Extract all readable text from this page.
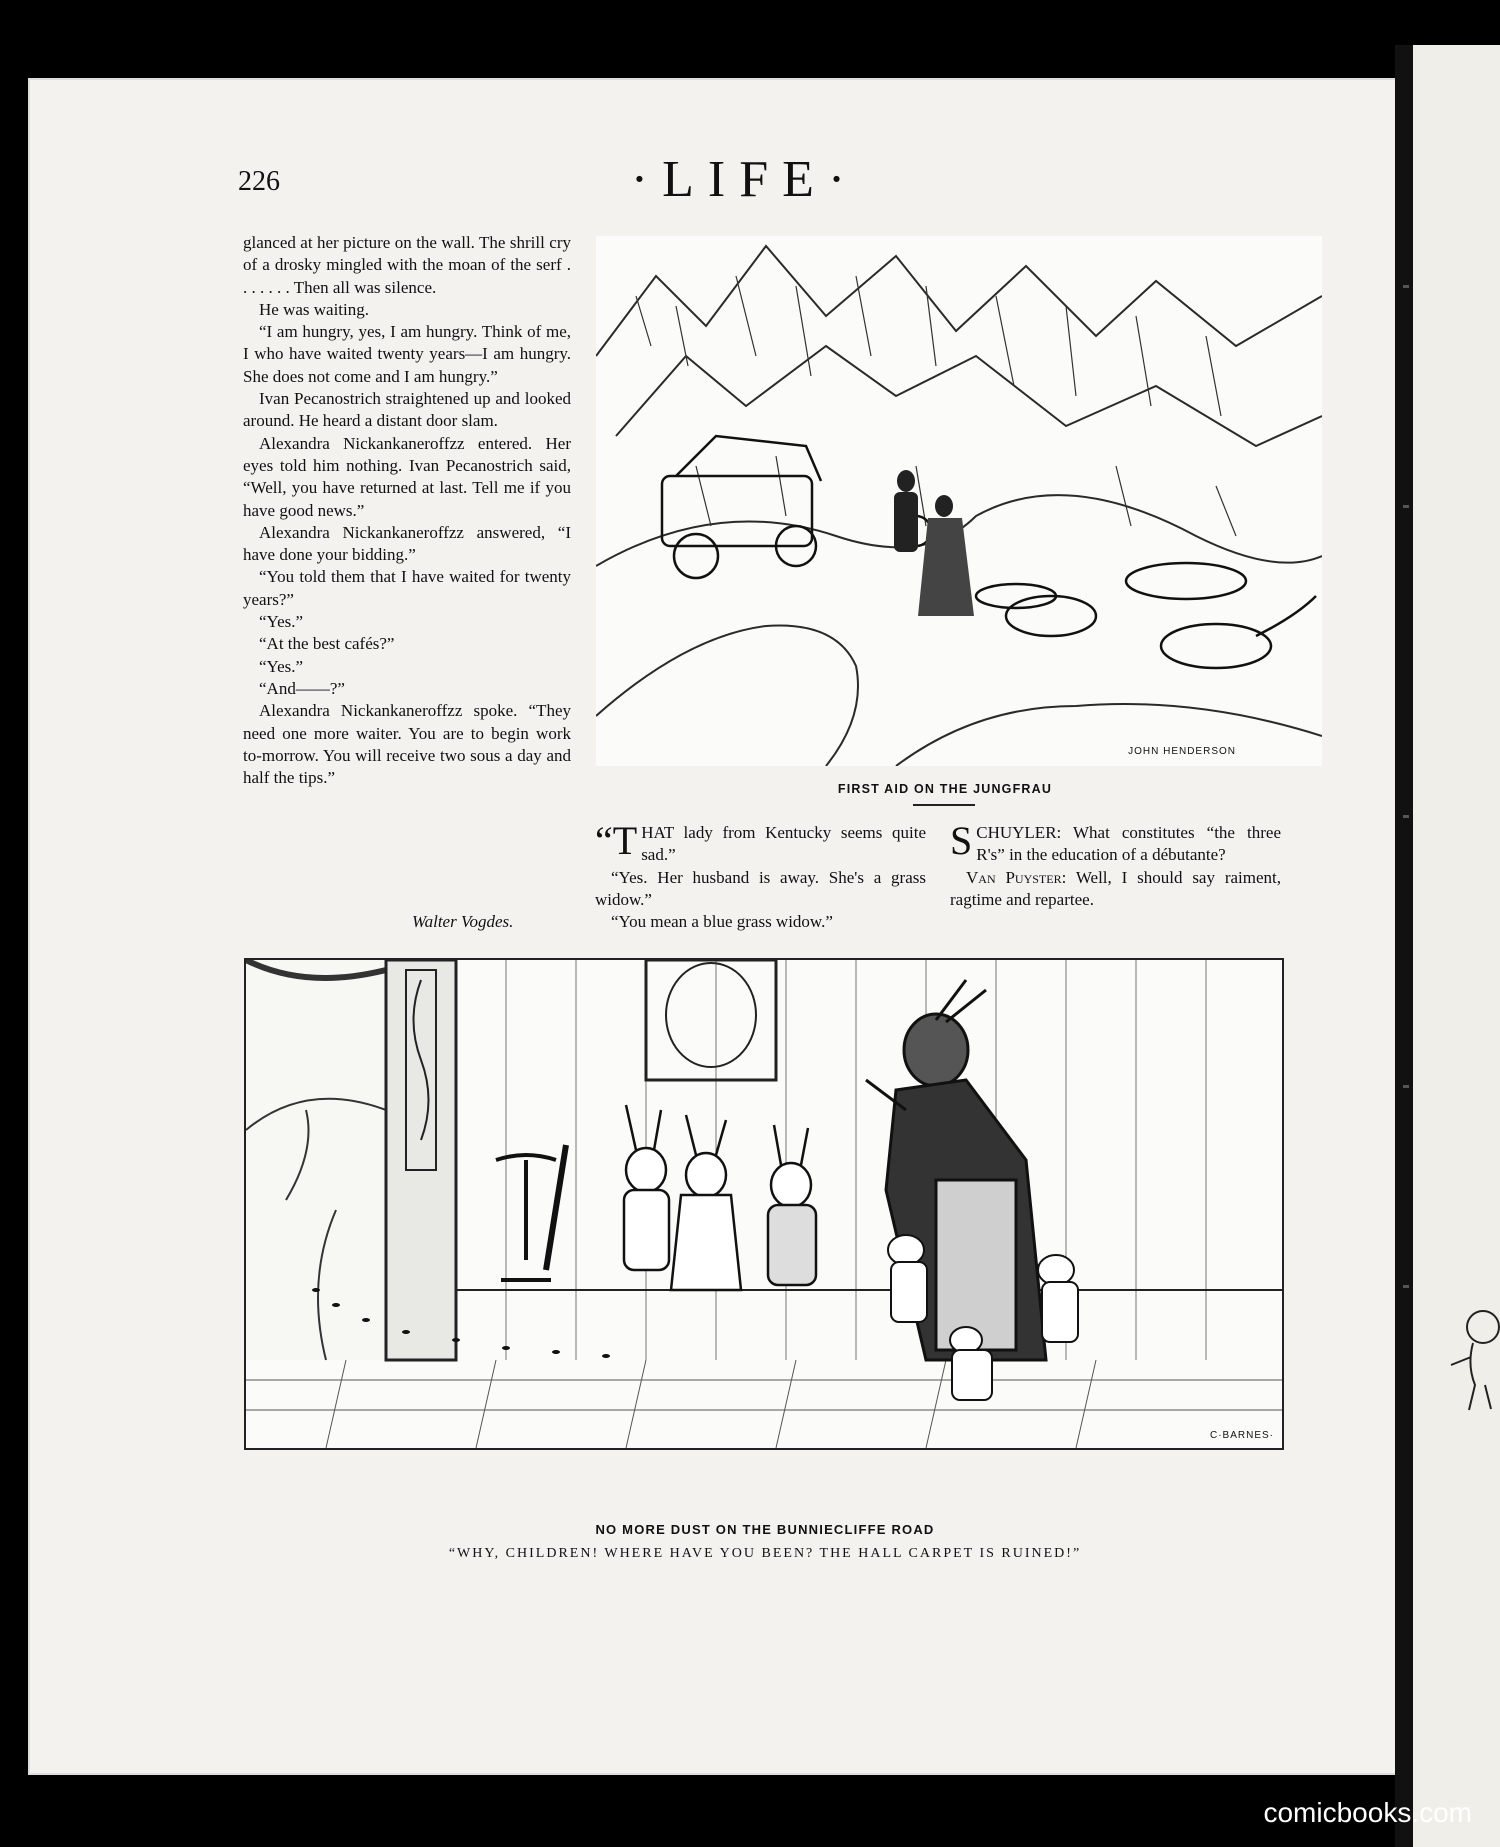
226	·LIFE·

glanced at her picture on the wall. The shrill cry of a drosky mingled with the moan of the serf . . . . . . . Then all was silence.

He was waiting.

“I am hungry, yes, I am hungry. Think of me, I who have waited twenty years—I am hungry. She does not come and I am hungry.”

Ivan Pecanostrich straightened up and looked around. He heard a distant door slam.

Alexandra Nickankaneroffzz entered. Her eyes told him nothing. Ivan Pecanostrich said, “Well, you have returned at last. Tell me if you have good news.”

Alexandra Nickankaneroffzz answered, “I have done your bidding.”

“You told them that I have waited for twenty years?”

“Yes.”

“At the best cafés?”

“Yes.”

“And——?”

Alexandra Nickankaneroffzz spoke. “They need one more waiter. You are to begin work to-morrow. You will receive two sous a day and half the tips.”

Walter Vogdes.
JOHN HENDERSON
FIRST AID ON THE JUNGFRAU

“THAT lady from Kentucky seems quite sad.”

“Yes. Her husband is away. She's a grass widow.”

“You mean a blue grass widow.”

SCHUYLER: What constitutes “the three R's” in the education of a débutante?

Van Puyster: Well, I should say raiment, ragtime and repartee.

C·BARNES·
NO MORE DUST ON THE BUNNIECLIFFE ROAD
“WHY, CHILDREN! WHERE HAVE YOU BEEN? THE HALL CARPET IS RUINED!”
comicbooks.com
